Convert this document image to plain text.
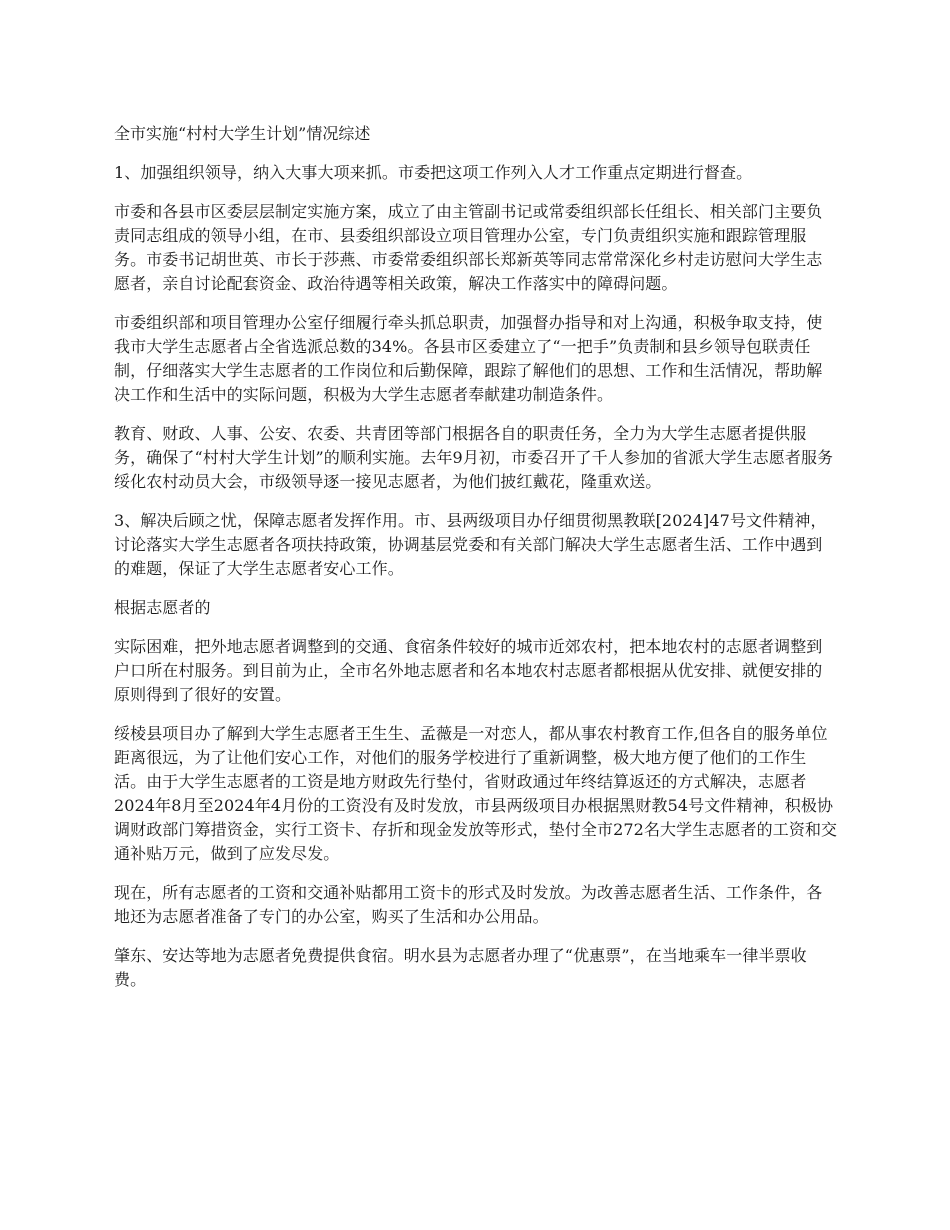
全市实施“村村大学生计划”情况综述

1、加强组织领导，纳入大事大项来抓。市委把这项工作列入人才工作重点定期进行督查。

市委和各县市区委层层制定实施方案，成立了由主管副书记或常委组织部长任组长、相关部门主要负责同志组成的领导小组，在市、县委组织部设立项目管理办公室，专门负责组织实施和跟踪管理服务。市委书记胡世英、市长于莎燕、市委常委组织部长郑新英等同志常常深化乡村走访慰问大学生志愿者，亲自讨论配套资金、政治待遇等相关政策，解决工作落实中的障碍问题。

市委组织部和项目管理办公室仔细履行牵头抓总职责，加强督办指导和对上沟通，积极争取支持，使我市大学生志愿者占全省选派总数的34%。各县市区委建立了“一把手”负责制和县乡领导包联责任制，仔细落实大学生志愿者的工作岗位和后勤保障，跟踪了解他们的思想、工作和生活情况，帮助解决工作和生活中的实际问题，积极为大学生志愿者奉献建功制造条件。

教育、财政、人事、公安、农委、共青团等部门根据各自的职责任务，全力为大学生志愿者提供服务，确保了“村村大学生计划”的顺利实施。去年9月初，市委召开了千人参加的省派大学生志愿者服务绥化农村动员大会，市级领导逐一接见志愿者，为他们披红戴花，隆重欢送。

3、解决后顾之忧，保障志愿者发挥作用。市、县两级项目办仔细贯彻黑教联[2024]47号文件精神，讨论落实大学生志愿者各项扶持政策，协调基层党委和有关部门解决大学生志愿者生活、工作中遇到的难题，保证了大学生志愿者安心工作。

根据志愿者的

实际困难，把外地志愿者调整到的交通、食宿条件较好的城市近郊农村，把本地农村的志愿者调整到户口所在村服务。到目前为止，全市名外地志愿者和名本地农村志愿者都根据从优安排、就便安排的原则得到了很好的安置。

绥棱县项目办了解到大学生志愿者王生生、孟薇是一对恋人，都从事农村教育工作,但各自的服务单位距离很远，为了让他们安心工作，对他们的服务学校进行了重新调整，极大地方便了他们的工作生活。由于大学生志愿者的工资是地方财政先行垫付，省财政通过年终结算返还的方式解决，志愿者2024年8月至2024年4月份的工资没有及时发放，市县两级项目办根据黑财教54号文件精神，积极协调财政部门筹措资金，实行工资卡、存折和现金发放等形式，垫付全市272名大学生志愿者的工资和交通补贴万元，做到了应发尽发。

现在，所有志愿者的工资和交通补贴都用工资卡的形式及时发放。为改善志愿者生活、工作条件，各地还为志愿者准备了专门的办公室，购买了生活和办公用品。

肇东、安达等地为志愿者免费提供食宿。明水县为志愿者办理了“优惠票”，在当地乘车一律半票收费。
